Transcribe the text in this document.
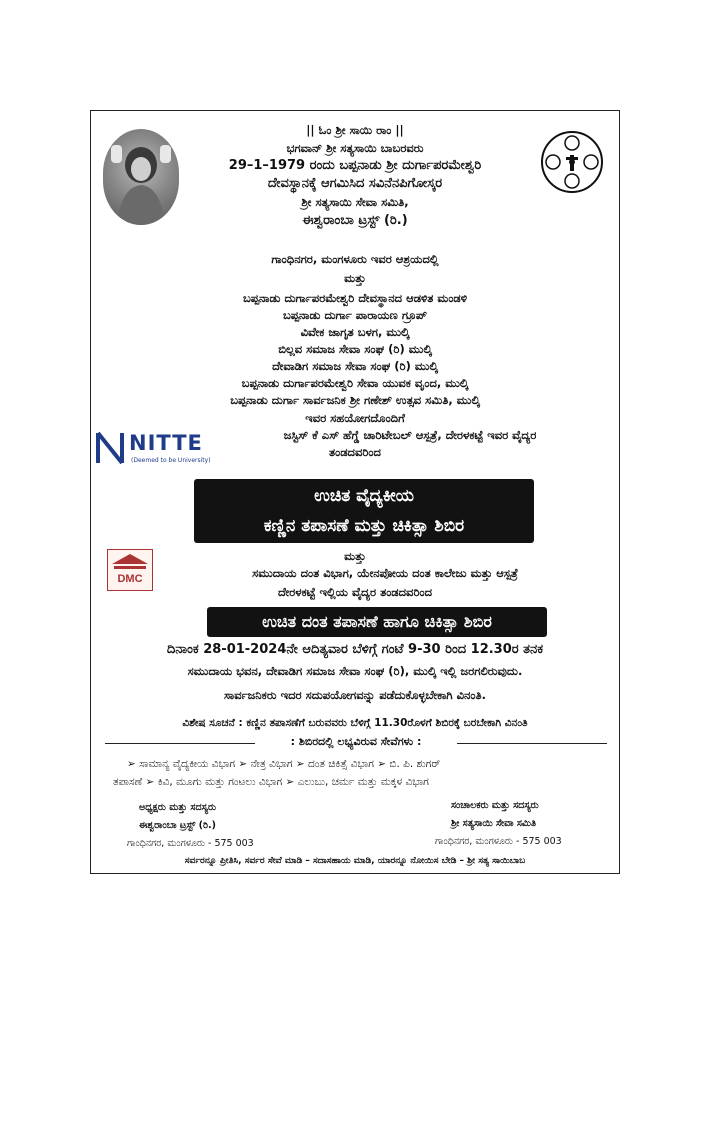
|| ಓಂ ಶ್ರೀ ಸಾಯಿ ರಾಂ ||
ಭಗವಾನ್ ಶ್ರೀ ಸತ್ಯಸಾಯಿ ಬಾಬರವರು
29–1–1979 ರಂದು ಬಪ್ಪನಾಡು ಶ್ರೀ ದುರ್ಗಾಪರಮೇಶ್ವರಿ
ದೇವಸ್ಥಾನಕ್ಕೆ ಆಗಮಿಸಿದ ಸವಿನೆನಪಿಗೋಸ್ಕರ
ಶ್ರೀ ಸತ್ಯಸಾಯಿ ಸೇವಾ ಸಮಿತಿ,
ಈಶ್ವರಾಂಬಾ ಟ್ರಸ್ಟ್ (ರಿ.)
ಗಾಂಧಿನಗರ, ಮಂಗಳೂರು ಇವರ ಆಶ್ರಯದಲ್ಲಿ
ಮತ್ತು
ಬಪ್ಪನಾಡು ದುರ್ಗಾಪರಮೇಶ್ವರಿ ದೇವಸ್ಥಾನದ ಆಡಳಿತ ಮಂಡಳಿ
ಬಪ್ಪನಾಡು ದುರ್ಗಾ ಪಾರಾಯಣ ಗ್ರೂಪ್
ವಿವೇಕ ಜಾಗೃತ ಬಳಗ, ಮುಲ್ಕಿ
ಬಿಲ್ಲವ ಸಮಾಜ ಸೇವಾ ಸಂಘ (ರಿ) ಮುಲ್ಕಿ
ದೇವಾಡಿಗ ಸಮಾಜ ಸೇವಾ ಸಂಘ (ರಿ) ಮುಲ್ಕಿ
ಬಪ್ಪನಾಡು ದುರ್ಗಾಪರಮೇಶ್ವರಿ ಸೇವಾ ಯುವಕ ವೃಂದ, ಮುಲ್ಕಿ
ಬಪ್ಪನಾಡು ದುರ್ಗಾ ಸಾರ್ವಜನಿಕ ಶ್ರೀ ಗಣೇಶ್ ಉತ್ಸವ ಸಮಿತಿ, ಮುಲ್ಕಿ
ಇವರ ಸಹಯೋಗದೊಂದಿಗೆ
ಜಸ್ಟಿಸ್ ಕೆ ಎಸ್ ಹೆಗ್ಡೆ ಚಾರಿಟೇಬಲ್ ಆಸ್ಪತ್ರೆ, ದೇರಳಕಟ್ಟೆ ಇವರ ವೈದ್ಯರ
ತಂಡದವರಿಂದ
NITTE
(Deemed to be University)
ಉಚಿತ ವೈದ್ಯಕೀಯ
ಕಣ್ಣಿನ ತಪಾಸಣೆ ಮತ್ತು ಚಿಕಿತ್ಸಾ ಶಿಬಿರ
ಮತ್ತು
DMC	ಸಮುದಾಯ ದಂತ ವಿಭಾಗ, ಯೇನಪೋಯ ದಂತ ಕಾಲೇಜು ಮತ್ತು ಆಸ್ಪತ್ರೆ
ದೇರಳಕಟ್ಟೆ ಇಲ್ಲಿಯ ವೈದ್ಯರ ತಂಡದವರಿಂದ
ಉಚಿತ ದಂತ ತಪಾಸಣೆ ಹಾಗೂ ಚಿಕಿತ್ಸಾ ಶಿಬಿರ
ದಿನಾಂಕ 28-01-2024ನೇ ಆದಿತ್ಯವಾರ ಬೆಳಿಗ್ಗೆ ಗಂಟೆ 9-30 ರಿಂದ 12.30ರ ತನಕ
ಸಮುದಾಯ ಭವನ, ದೇವಾಡಿಗ ಸಮಾಜ ಸೇವಾ ಸಂಘ (ರಿ), ಮುಲ್ಕಿ ಇಲ್ಲಿ ಜರಗಲಿರುವುದು.
ಸಾರ್ವಜನಿಕರು ಇದರ ಸದುಪಯೋಗವನ್ನು ಪಡೆದುಕೊಳ್ಳಬೇಕಾಗಿ ವಿನಂತಿ.
ವಿಶೇಷ ಸೂಚನೆ : ಕಣ್ಣಿನ ತಪಾಸಣೆಗೆ ಬರುವವರು ಬೆಳಿಗ್ಗೆ 11.30ರೊಳಗೆ ಶಿಬಿರಕ್ಕೆ ಬರಬೇಕಾಗಿ ವಿನಂತಿ
: ಶಿಬಿರದಲ್ಲಿ ಲಭ್ಯವಿರುವ ಸೇವೆಗಳು :
➢ ಸಾಮಾನ್ಯ ವೈದ್ಯಕೀಯ ವಿಭಾಗ ➢ ನೇತ್ರ ವಿಭಾಗ ➢ ದಂತ ಚಿಕಿತ್ಸೆ ವಿಭಾಗ ➢ ಬಿ. ಪಿ. ಶುಗರ್
ತಪಾಸಣೆ ➢ ಕಿವಿ, ಮೂಗು ಮತ್ತು ಗಂಟಲು ವಿಭಾಗ ➢ ಎಲುಬು, ಚರ್ಮ ಮತ್ತು ಮಕ್ಕಳ ವಿಭಾಗ
ಅಧ್ಯಕ್ಷರು ಮತ್ತು ಸದಸ್ಯರು
ಈಶ್ವರಾಂಬಾ ಟ್ರಸ್ಟ್ (ರಿ.)
ಗಾಂಧಿನಗರ, ಮಂಗಳೂರು - 575 003
ಸಂಚಾಲಕರು ಮತ್ತು ಸದಸ್ಯರು
ಶ್ರೀ ಸತ್ಯಸಾಯಿ ಸೇವಾ ಸಮಿತಿ
ಗಾಂಧಿನಗರ, ಮಂಗಳೂರು - 575 003
ಸರ್ವರನ್ನೂ ಪ್ರೀತಿಸಿ, ಸರ್ವರ ಸೇವೆ ಮಾಡಿ – ಸದಾಸಹಾಯ ಮಾಡಿ, ಯಾರನ್ನೂ ನೋಯಿಸ ಬೇಡಿ – ಶ್ರೀ ಸತ್ಯ ಸಾಯಿಬಾಬ
